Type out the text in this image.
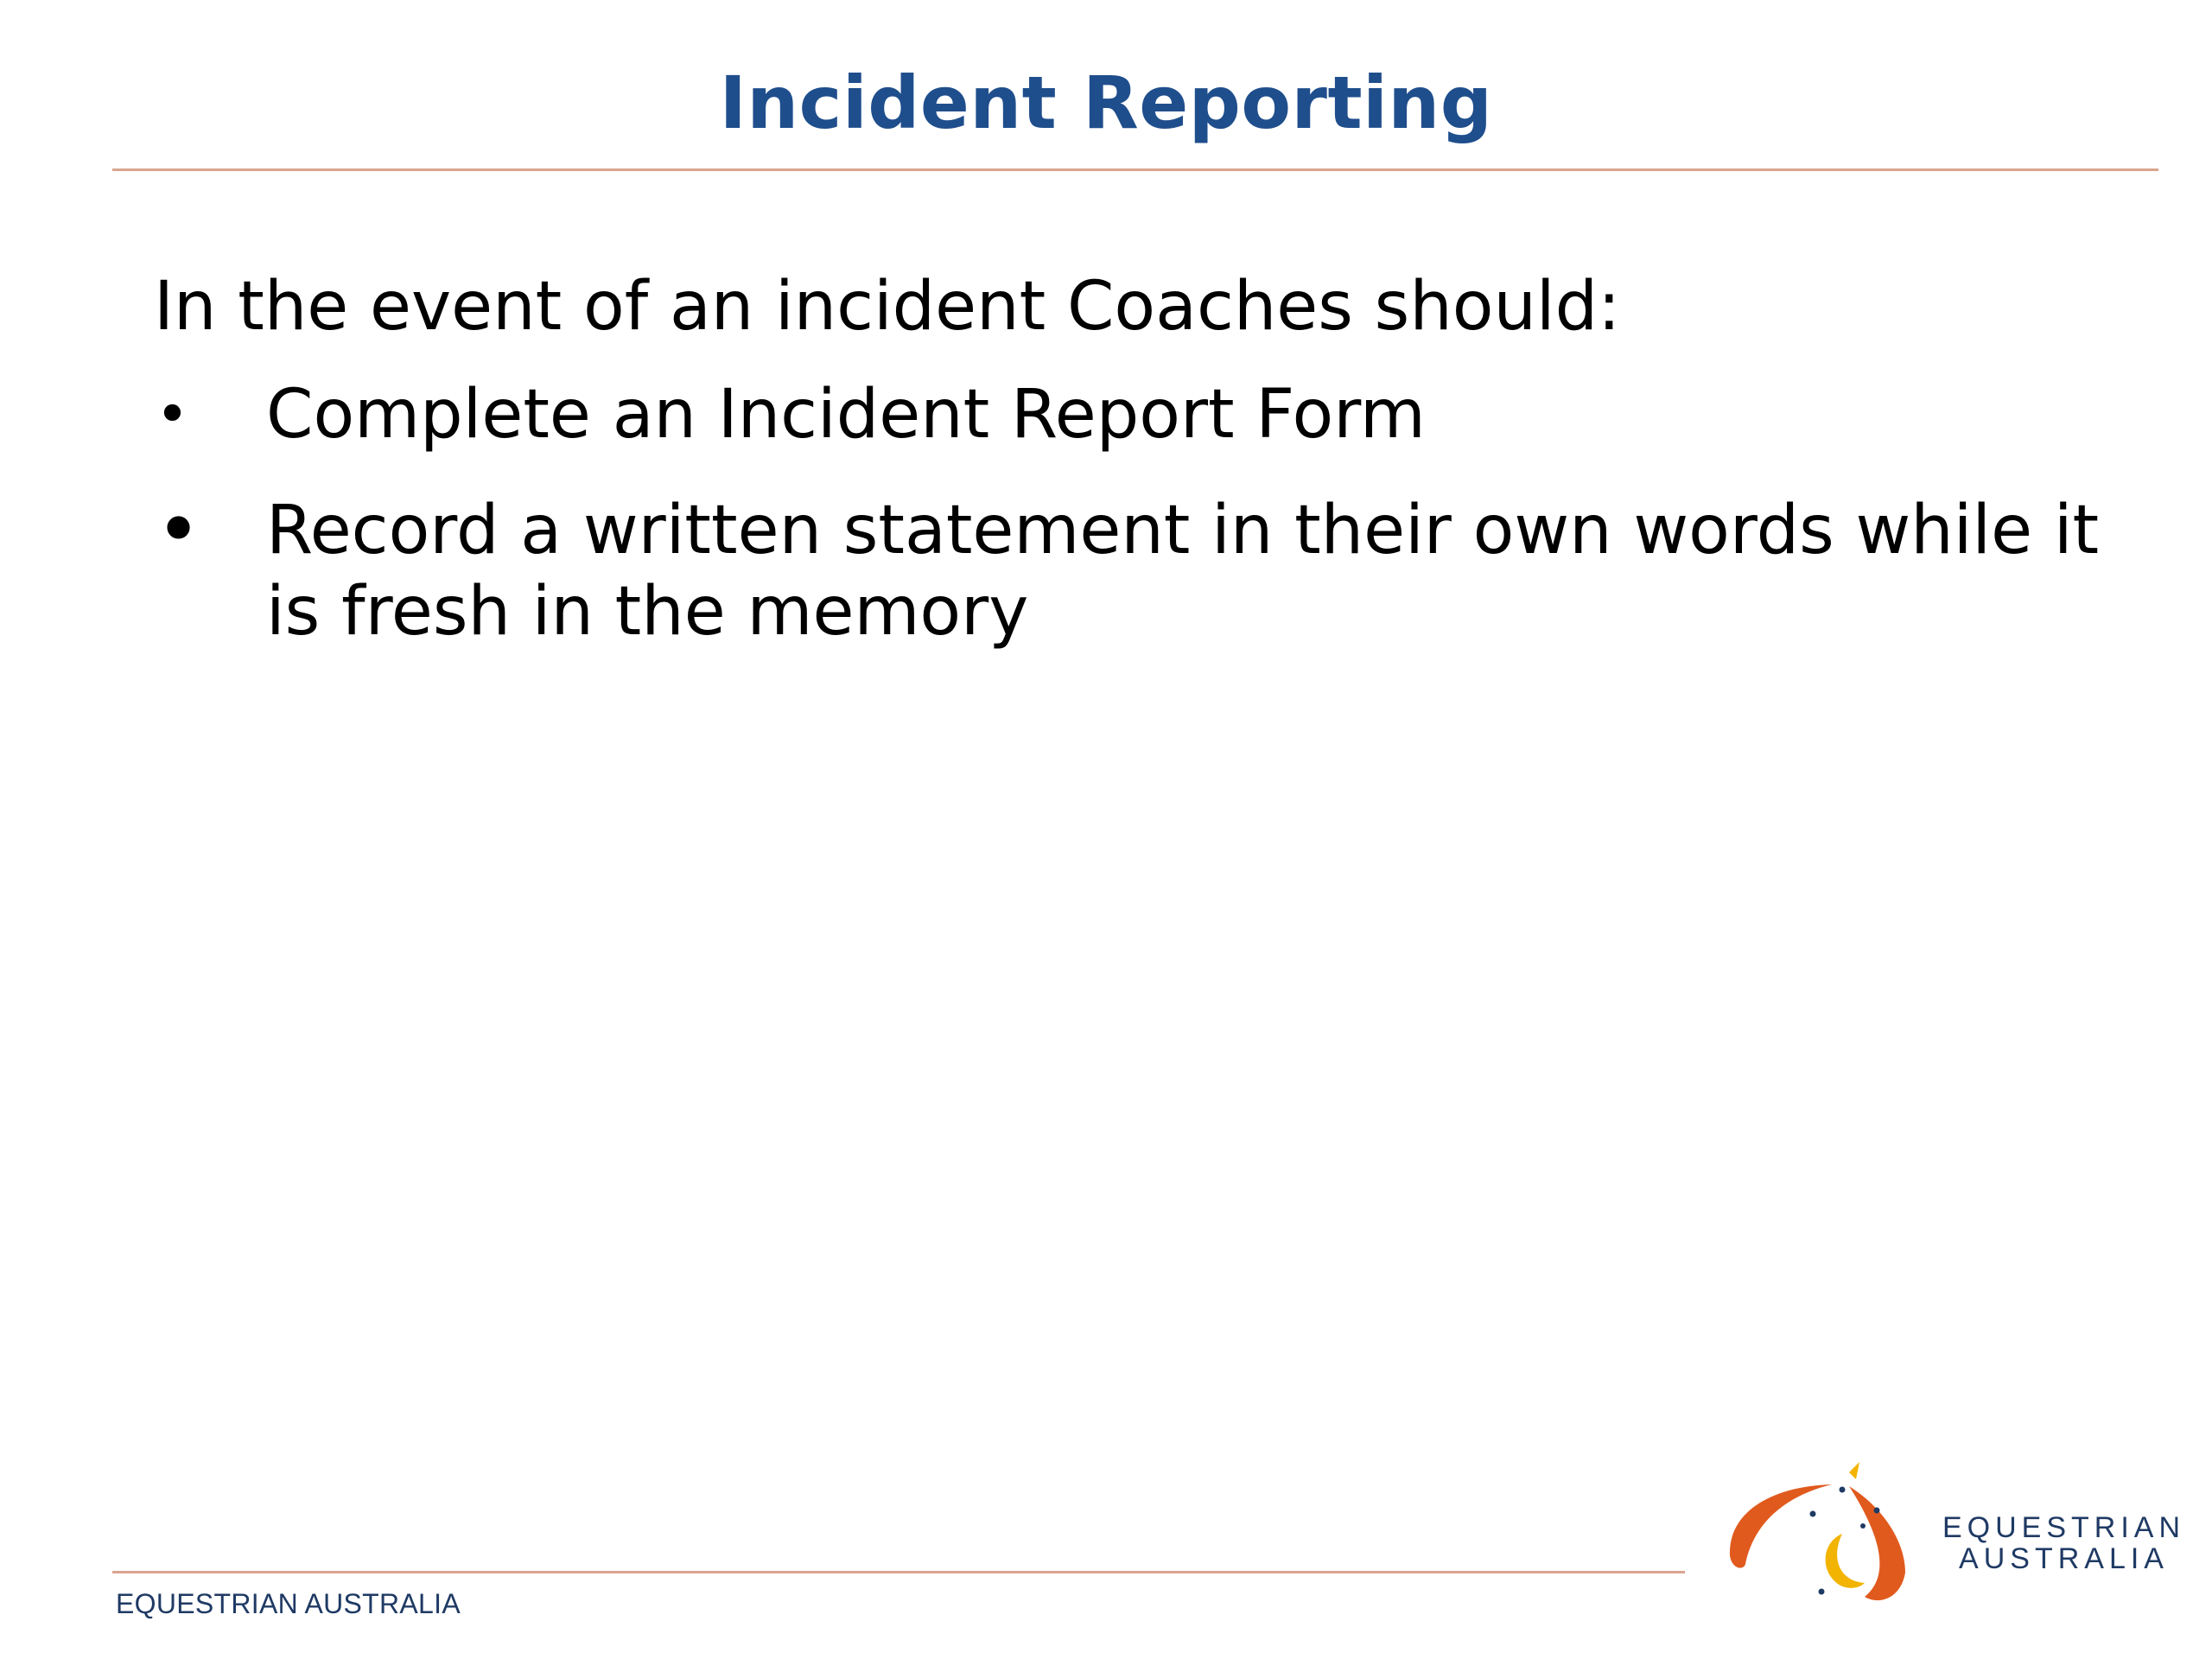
Incident Reporting

In the event of an incident Coaches should:

• Complete an Incident Report Form
• Record a written statement in their own words while it is fresh in the memory
EQUESTRIAN AUSTRALIA
EQUESTRIAN
AUSTRALIA
